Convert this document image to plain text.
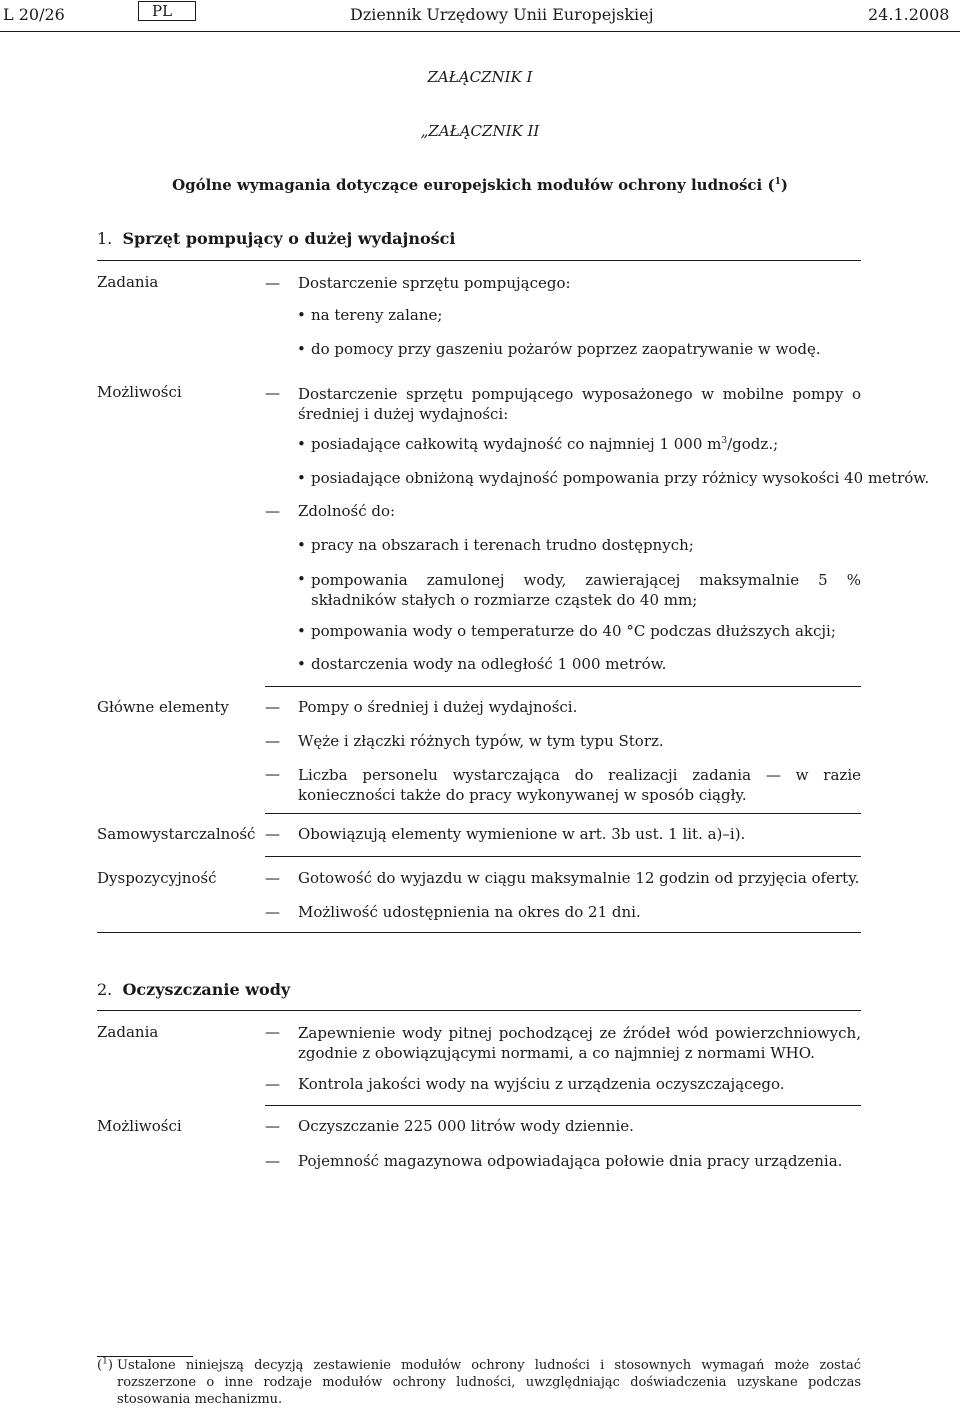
L 20/26	PL	Dziennik Urzędowy Unii Europejskiej	24.1.2008
ZAŁĄCZNIK I
„ZAŁĄCZNIK II
Ogólne wymagania dotyczące europejskich modułów ochrony ludności ($^1$)
1. Sprzęt pompujący o dużej wydajności
Zadania	— Dostarczenie sprzętu pompującego:
• na tereny zalane;
• do pomocy przy gaszeniu pożarów poprzez zaopatrywanie w wodę.
Możliwości	— Dostarczenie sprzętu pompującego wyposażonego w mobilne pompy o średniej i dużej wydajności:
• posiadające całkowitą wydajność co najmniej 1 000 $m^3$/godz.;
• posiadające obniżoną wydajność pompowania przy różnicy wysokości 40 metrów.
— Zdolność do:
• pracy na obszarach i terenach trudno dostępnych;
• pompowania zamulonej wody, zawierającej maksymalnie 5 % składników stałych o rozmiarze cząstek do 40 mm;
• pompowania wody o temperaturze do 40 °C podczas dłuższych akcji;
• dostarczenia wody na odległość 1 000 metrów.
Główne elementy — Pompy o średniej i dużej wydajności.
— Węże i złączki różnych typów, w tym typu Storz.
— Liczba personelu wystarczająca do realizacji zadania — w razie konieczności także do pracy wykonywanej w sposób ciągły.
Samowystarczalność — Obowiązują elementy wymienione w art. 3b ust. 1 lit. a)–i).
Dyspozycyjność	— Gotowość do wyjazdu w ciągu maksymalnie 12 godzin od przyjęcia oferty.
— Możliwość udostępnienia na okres do 21 dni.
2. Oczyszczanie wody
Zadania	— Zapewnienie wody pitnej pochodzącej ze źródeł wód powierzchniowych, zgodnie z obowiązującymi normami, a co najmniej z normami WHO.
— Kontrola jakości wody na wyjściu z urządzenia oczyszczającego.
Możliwości	— Oczyszczanie 225 000 litrów wody dziennie.
— Pojemność magazynowa odpowiadająca połowie dnia pracy urządzenia.
($^1$) Ustalone niniejszą decyzją zestawienie modułów ochrony ludności i stosownych wymagań może zostać rozszerzone o inne rodzaje modułów ochrony ludności, uwzględniając doświadczenia uzyskane podczas stosowania mechanizmu.
